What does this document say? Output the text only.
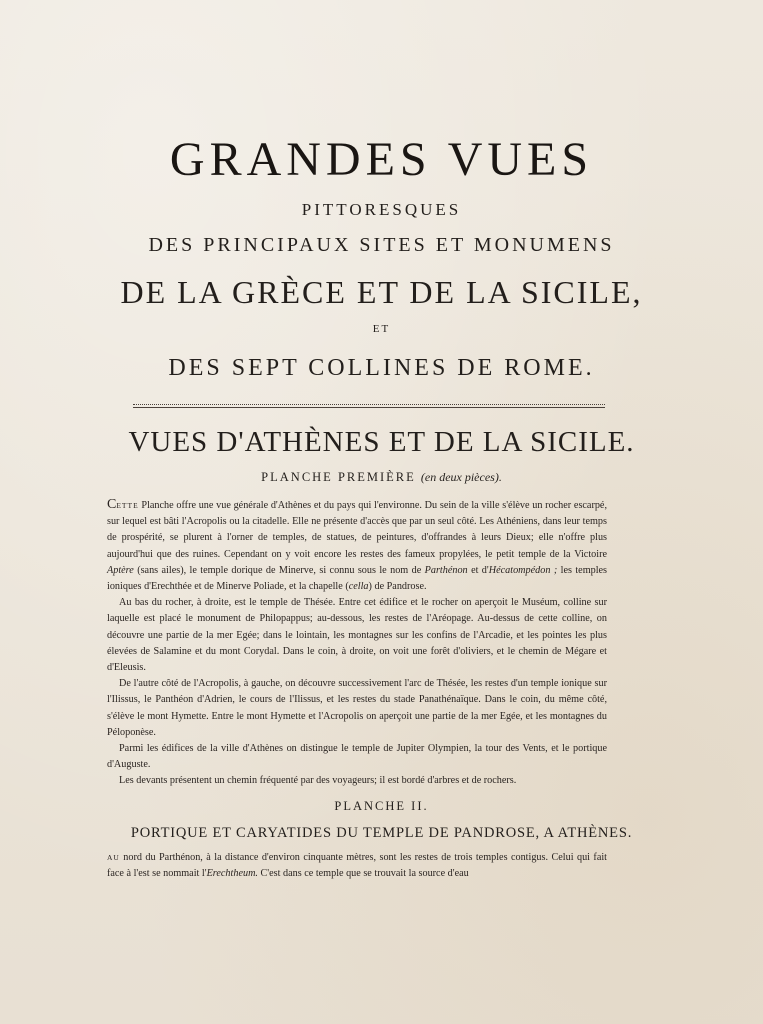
GRANDES VUES
PITTORESQUES
DES PRINCIPAUX SITES ET MONUMENS
DE LA GRÈCE ET DE LA SICILE,
ET
DES SEPT COLLINES DE ROME.
VUES D'ATHÈNES ET DE LA SICILE.
PLANCHE PREMIÈRE (en deux pièces).

CETTE Planche offre une vue générale d'Athènes et du pays qui l'environne. Du sein de la ville s'élève un rocher escarpé, sur lequel est bâti l'Acropolis ou la citadelle. Elle ne présente d'accès que par un seul côté. Les Athéniens, dans leur temps de prospérité, se plurent à l'orner de temples, de statues, de peintures, d'offrandes à leurs Dieux; elle n'offre plus aujourd'hui que des ruines. Cependant on y voit encore les restes des fameux propylées, le petit temple de la Victoire Aptère (sans ailes), le temple dorique de Minerve, si connu sous le nom de Parthénon et d'Hécatompédon ; les temples ioniques d'Erechthée et de Minerve Poliade, et la chapelle (cella) de Pandrose.

Au bas du rocher, à droite, est le temple de Thésée. Entre cet édifice et le rocher on aperçoit le Muséum, colline sur laquelle est placé le monument de Philopappus; au-dessous, les restes de l'Aréopage. Au-dessus de cette colline, on découvre une partie de la mer Egée; dans le lointain, les montagnes sur les confins de l'Arcadie, et les pointes les plus élevées de Salamine et du mont Corydal. Dans le coin, à droite, on voit une forêt d'oliviers, et le chemin de Mégare et d'Eleusis.

De l'autre côté de l'Acropolis, à gauche, on découvre successivement l'arc de Thésée, les restes d'un temple ionique sur l'Ilissus, le Panthéon d'Adrien, le cours de l'Ilissus, et les restes du stade Panathénaïque. Dans le coin, du même côté, s'élève le mont Hymette. Entre le mont Hymette et l'Acropolis on aperçoit une partie de la mer Egée, et les montagnes du Péloponèse.

Parmi les édifices de la ville d'Athènes on distingue le temple de Jupiter Olympien, la tour des Vents, et le portique d'Auguste.

Les devants présentent un chemin fréquenté par des voyageurs; il est bordé d'arbres et de rochers.

PLANCHE II.
PORTIQUE ET CARYATIDES DU TEMPLE DE PANDROSE, A ATHÈNES.

AU nord du Parthénon, à la distance d'environ cinquante mètres, sont les restes de trois temples contigus. Celui qui fait face à l'est se nommait l'Erechtheum. C'est dans ce temple que se trouvait la source d'eau
